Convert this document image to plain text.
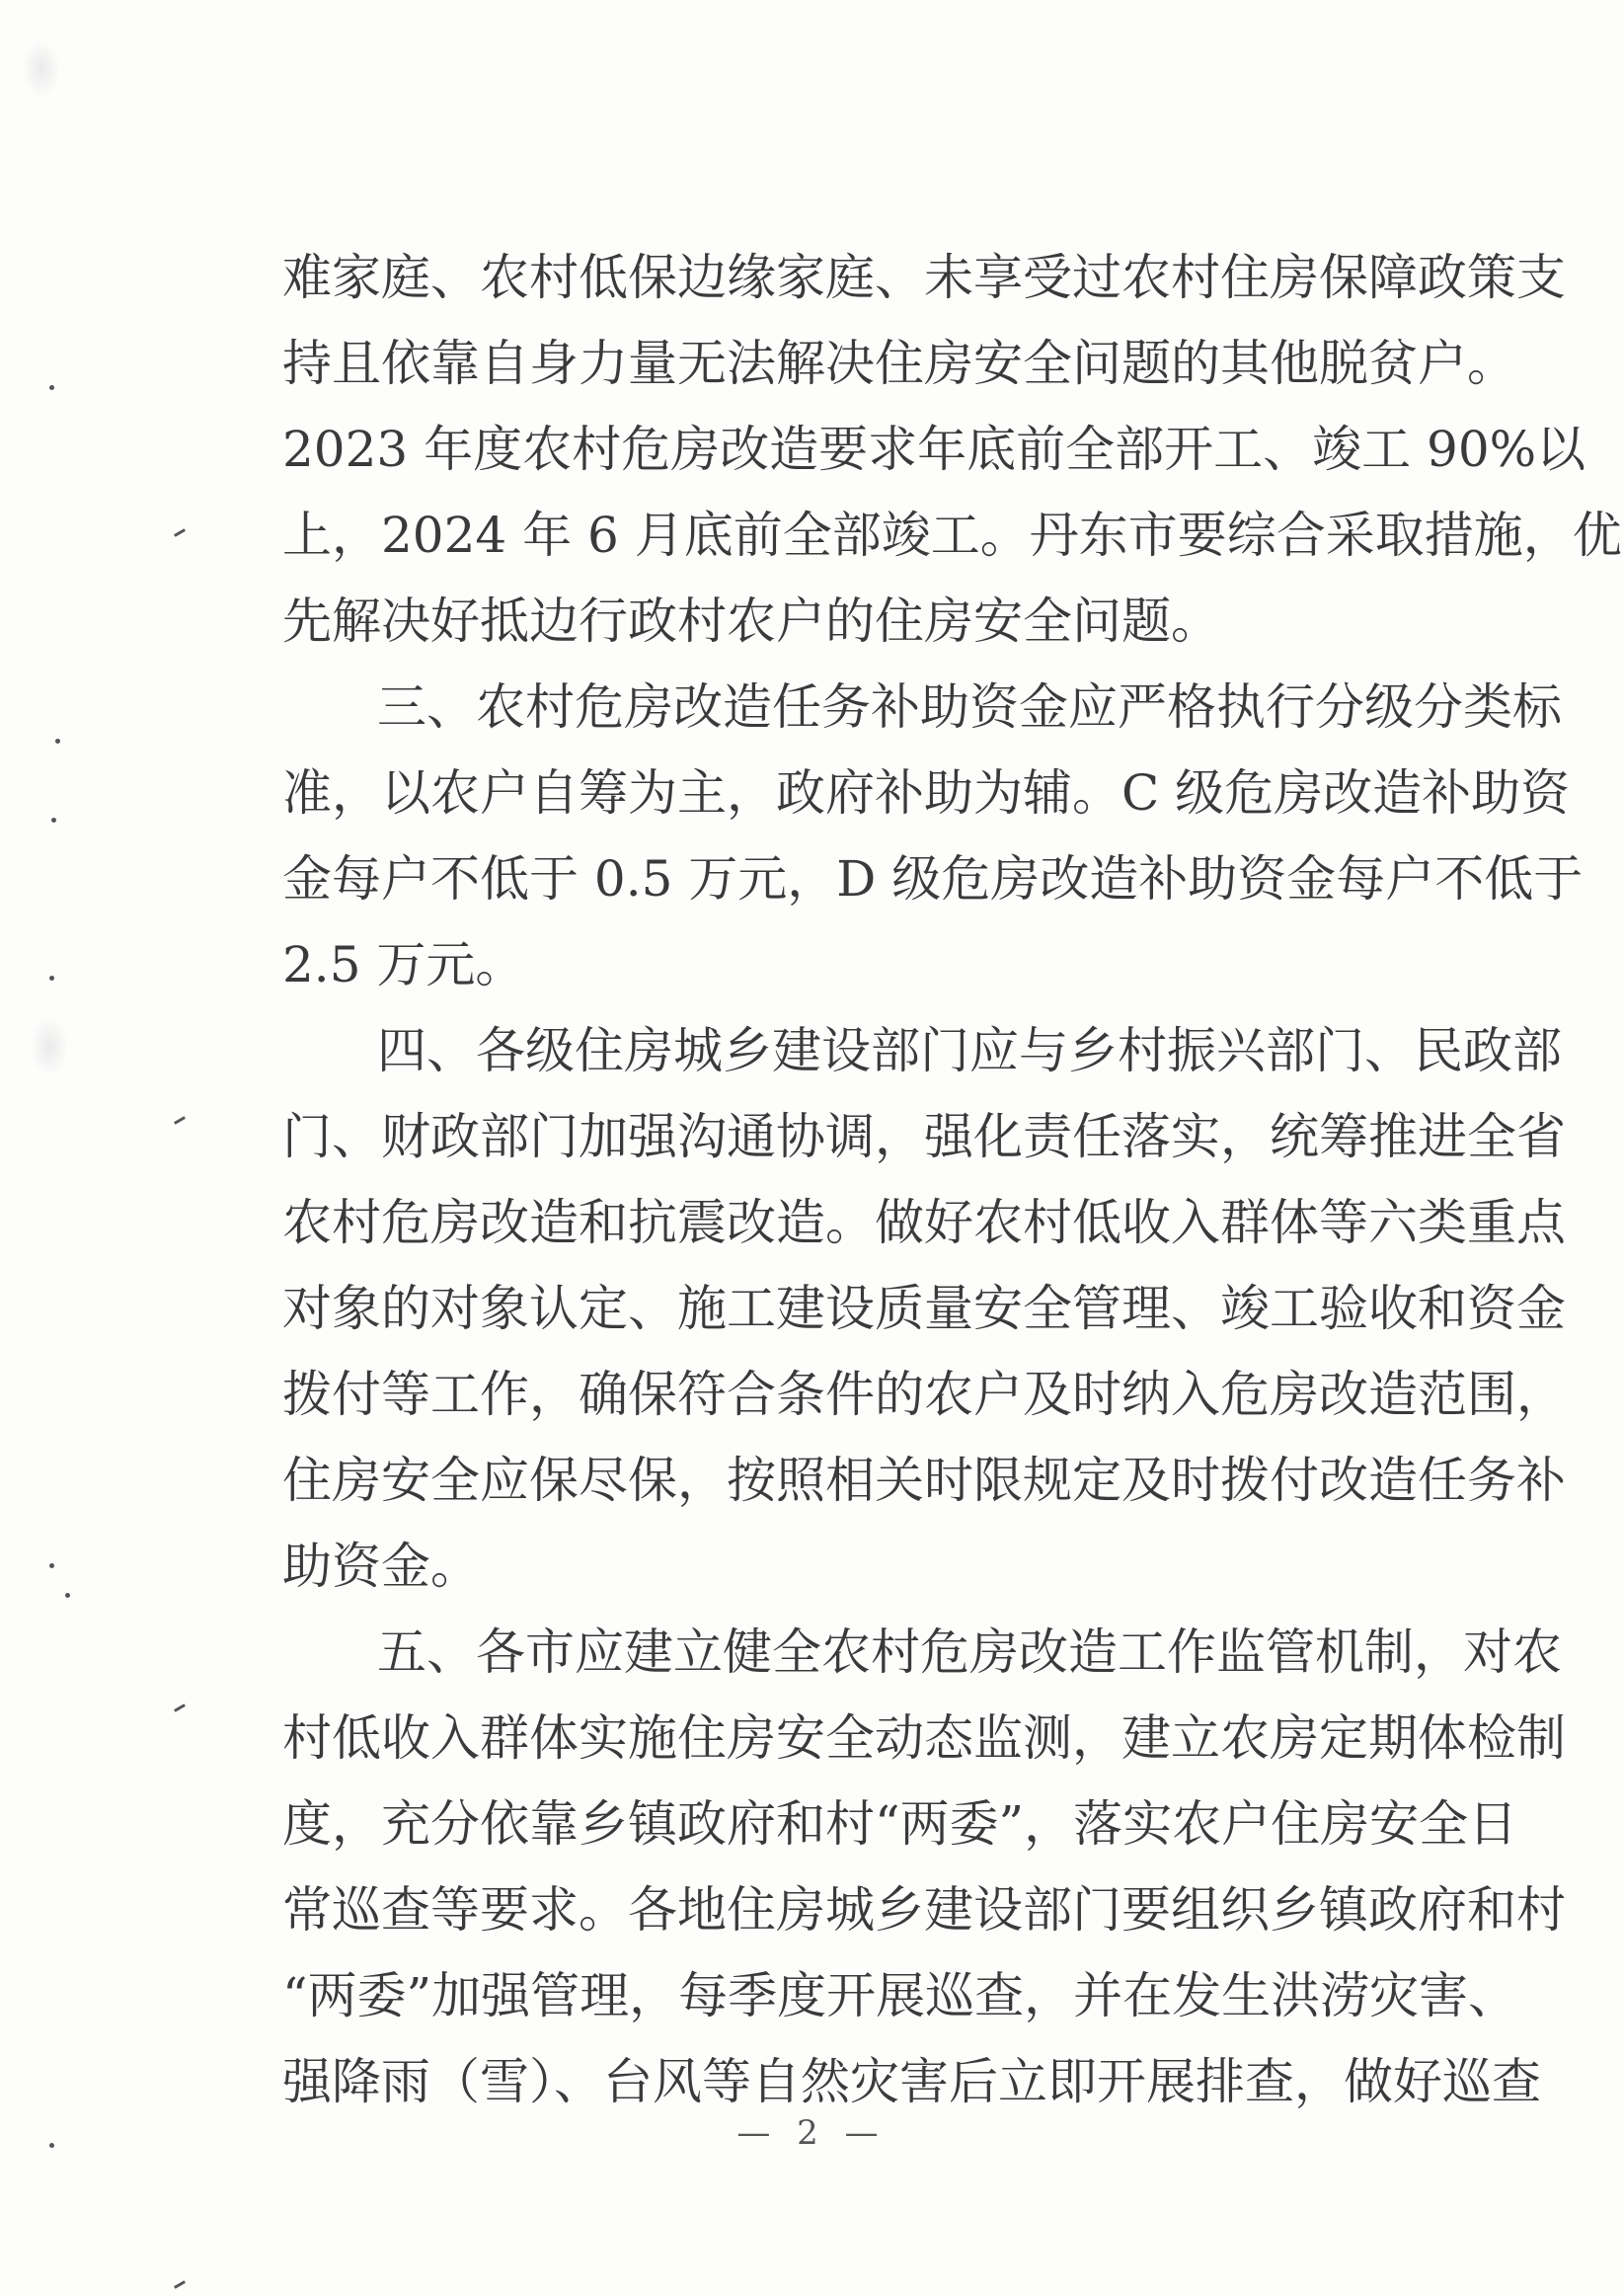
难家庭、农村低保边缘家庭、未享受过农村住房保障政策支
持且依靠自身力量无法解决住房安全问题的其他脱贫户。
2023 年度农村危房改造要求年底前全部开工、竣工 90%以
上，2024 年 6 月底前全部竣工。丹东市要综合采取措施，优
先解决好抵边行政村农户的住房安全问题。
三、农村危房改造任务补助资金应严格执行分级分类标
准，以农户自筹为主，政府补助为辅。C 级危房改造补助资
金每户不低于 0.5 万元，D 级危房改造补助资金每户不低于
2.5 万元。
四、各级住房城乡建设部门应与乡村振兴部门、民政部
门、财政部门加强沟通协调，强化责任落实，统筹推进全省
农村危房改造和抗震改造。做好农村低收入群体等六类重点
对象的对象认定、施工建设质量安全管理、竣工验收和资金
拨付等工作，确保符合条件的农户及时纳入危房改造范围，
住房安全应保尽保，按照相关时限规定及时拨付改造任务补
助资金。
五、各市应建立健全农村危房改造工作监管机制，对农
村低收入群体实施住房安全动态监测，建立农房定期体检制
度，充分依靠乡镇政府和村“两委”，落实农户住房安全日
常巡查等要求。各地住房城乡建设部门要组织乡镇政府和村
“两委”加强管理，每季度开展巡查，并在发生洪涝灾害、
强降雨（雪）、台风等自然灾害后立即开展排查，做好巡查
— 2 —
